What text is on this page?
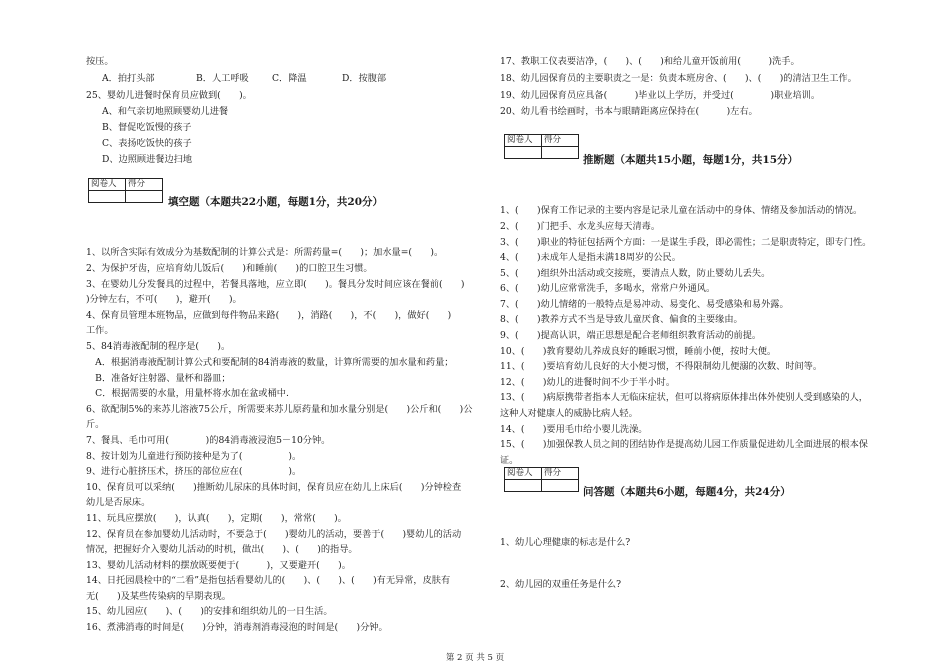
按压。
A．拍打头部	B．人工呼吸	C．降温	D．按腹部
25、婴幼儿进餐时保育员应做到(　　)。
A、和气亲切地照顾婴幼儿进餐
B、督促吃饭慢的孩子
C、表扬吃饭快的孩子
D、边照顾进餐边扫地
阅卷人	得分

填空题（本题共22小题，每题1分，共20分）
1、以所含实际有效成分为基数配制的计算公式是：所需药量=(　　)；加水量=(　　)。
2、为保护牙齿，应培育幼儿饭后(　　)和睡前(　　)的口腔卫生习惯。
3、在婴幼儿分发餐具的过程中，若餐具落地，应立即(　　)。餐具分发时间应该在餐前(　　)
)分钟左右，不可(　　)，避开(　　)。
4、保育员管理本班物品，应做到每件物品来路(　　)，消路(　　)，不(　　)，做好(　　)
工作。
5、84消毒液配制的程序是(　　)。
　A．根据消毒液配制计算公式和要配制的84消毒液的数量，计算所需要的加水量和药量；
　B．准备好注射器、量杯和器皿；
　C．根据需要的水量，用量杯将水加在盆或桶中.
6、欲配制5%的来苏儿溶液75公斤，所需要来苏儿原药量和加水量分别是(　　)公斤和(　　)公
斤。
7、餐具、毛巾可用(　　　　)的84消毒液浸泡5－10分钟。
8、按计划为儿童进行预防接种是为了(　　　　　)。
9、进行心脏挤压术，挤压的部位应在(　　　　　)。
10、保育员可以采纳(　　)推断幼儿尿床的具体时间，保育员应在幼儿上床后(　　)分钟检查
幼儿是否尿床。
11、玩具应摆放(　　)，认真(　　)，定期(　　)，常常(　　)。
12、保育员在参加婴幼儿活动时，不要急于(　　)婴幼儿的活动，要善于(　　)婴幼儿的活动
情况，把握好介入婴幼儿活动的时机，做出(　　)、(　　)的指导。
13、婴幼儿活动材料的摆放既要便于(　　　)，又要避开(　　)。
14、日托园晨检中的“二看”是指包括看婴幼儿的(　　)、(　　)、(　　)有无异常，皮肤有
无(　　)及某些传染病的早期表现。
15、幼儿园应(　　)、(　　)的安排和组织幼儿的一日生活。
16、煮沸消毒的时间是(　　)分钟，消毒剂消毒浸泡的时间是(　　)分钟。
17、教职工仪表要洁净，(　　)、(　　)和给儿童开饭前用(　　　)洗手。
18、幼儿园保育员的主要职责之一是：负责本班房舍、(　　)、(　　)的清洁卫生工作。
19、幼儿园保育员应具备(　　　)毕业以上学历，并受过(　　　　)职业培训。
20、幼儿看书绘画时，书本与眼睛距离应保持在(　　　)左右。
阅卷人	得分

推断题（本题共15小题，每题1分，共15分）
1、(　　)保育工作记录的主要内容是记录儿童在活动中的身体、情绪及参加活动的情况。
2、(　　)门把手、水龙头应每天清毒。
3、(　　)职业的特征包括两个方面：一是谋生手段，即必需性；二是职责特定，即专门性。
4、(　　)未成年人是指未满18周岁的公民。
5、(　　)组织外出活动或交接班，要清点人数，防止婴幼儿丢失。
6、(　　)幼儿应常常洗手，多喝水，常常户外通风。
7、(　　)幼儿情绪的一般特点是易冲动、易变化、易受感染和易外露。
8、(　　)教养方式不当是导致儿童厌食、偏食的主要缘由。
9、(　　)提高认识，端正思想是配合老师组织教育活动的前提。
10、(　　)教育婴幼儿养成良好的睡眠习惯，睡前小便，按时大便。
11、(　　)要培育幼儿良好的大小便习惯，不得限制幼儿便溺的次数、时间等。
12、(　　)幼儿的进餐时间不少于半小时。
13、(　　)病原携带者指本人无临床症状，但可以将病原体排出体外使别人受到感染的人，
这种人对健康人的威胁比病人轻。
14、(　　)要用毛巾给小婴儿洗澡。
15、(　　)加强保教人员之间的团结协作是提高幼儿园工作质量促进幼儿全面进展的根本保
证。
阅卷人	得分

问答题（本题共6小题，每题4分，共24分）
1、幼儿心理健康的标志是什么?
2、幼儿园的双重任务是什么?
第 2 页 共 5 页
